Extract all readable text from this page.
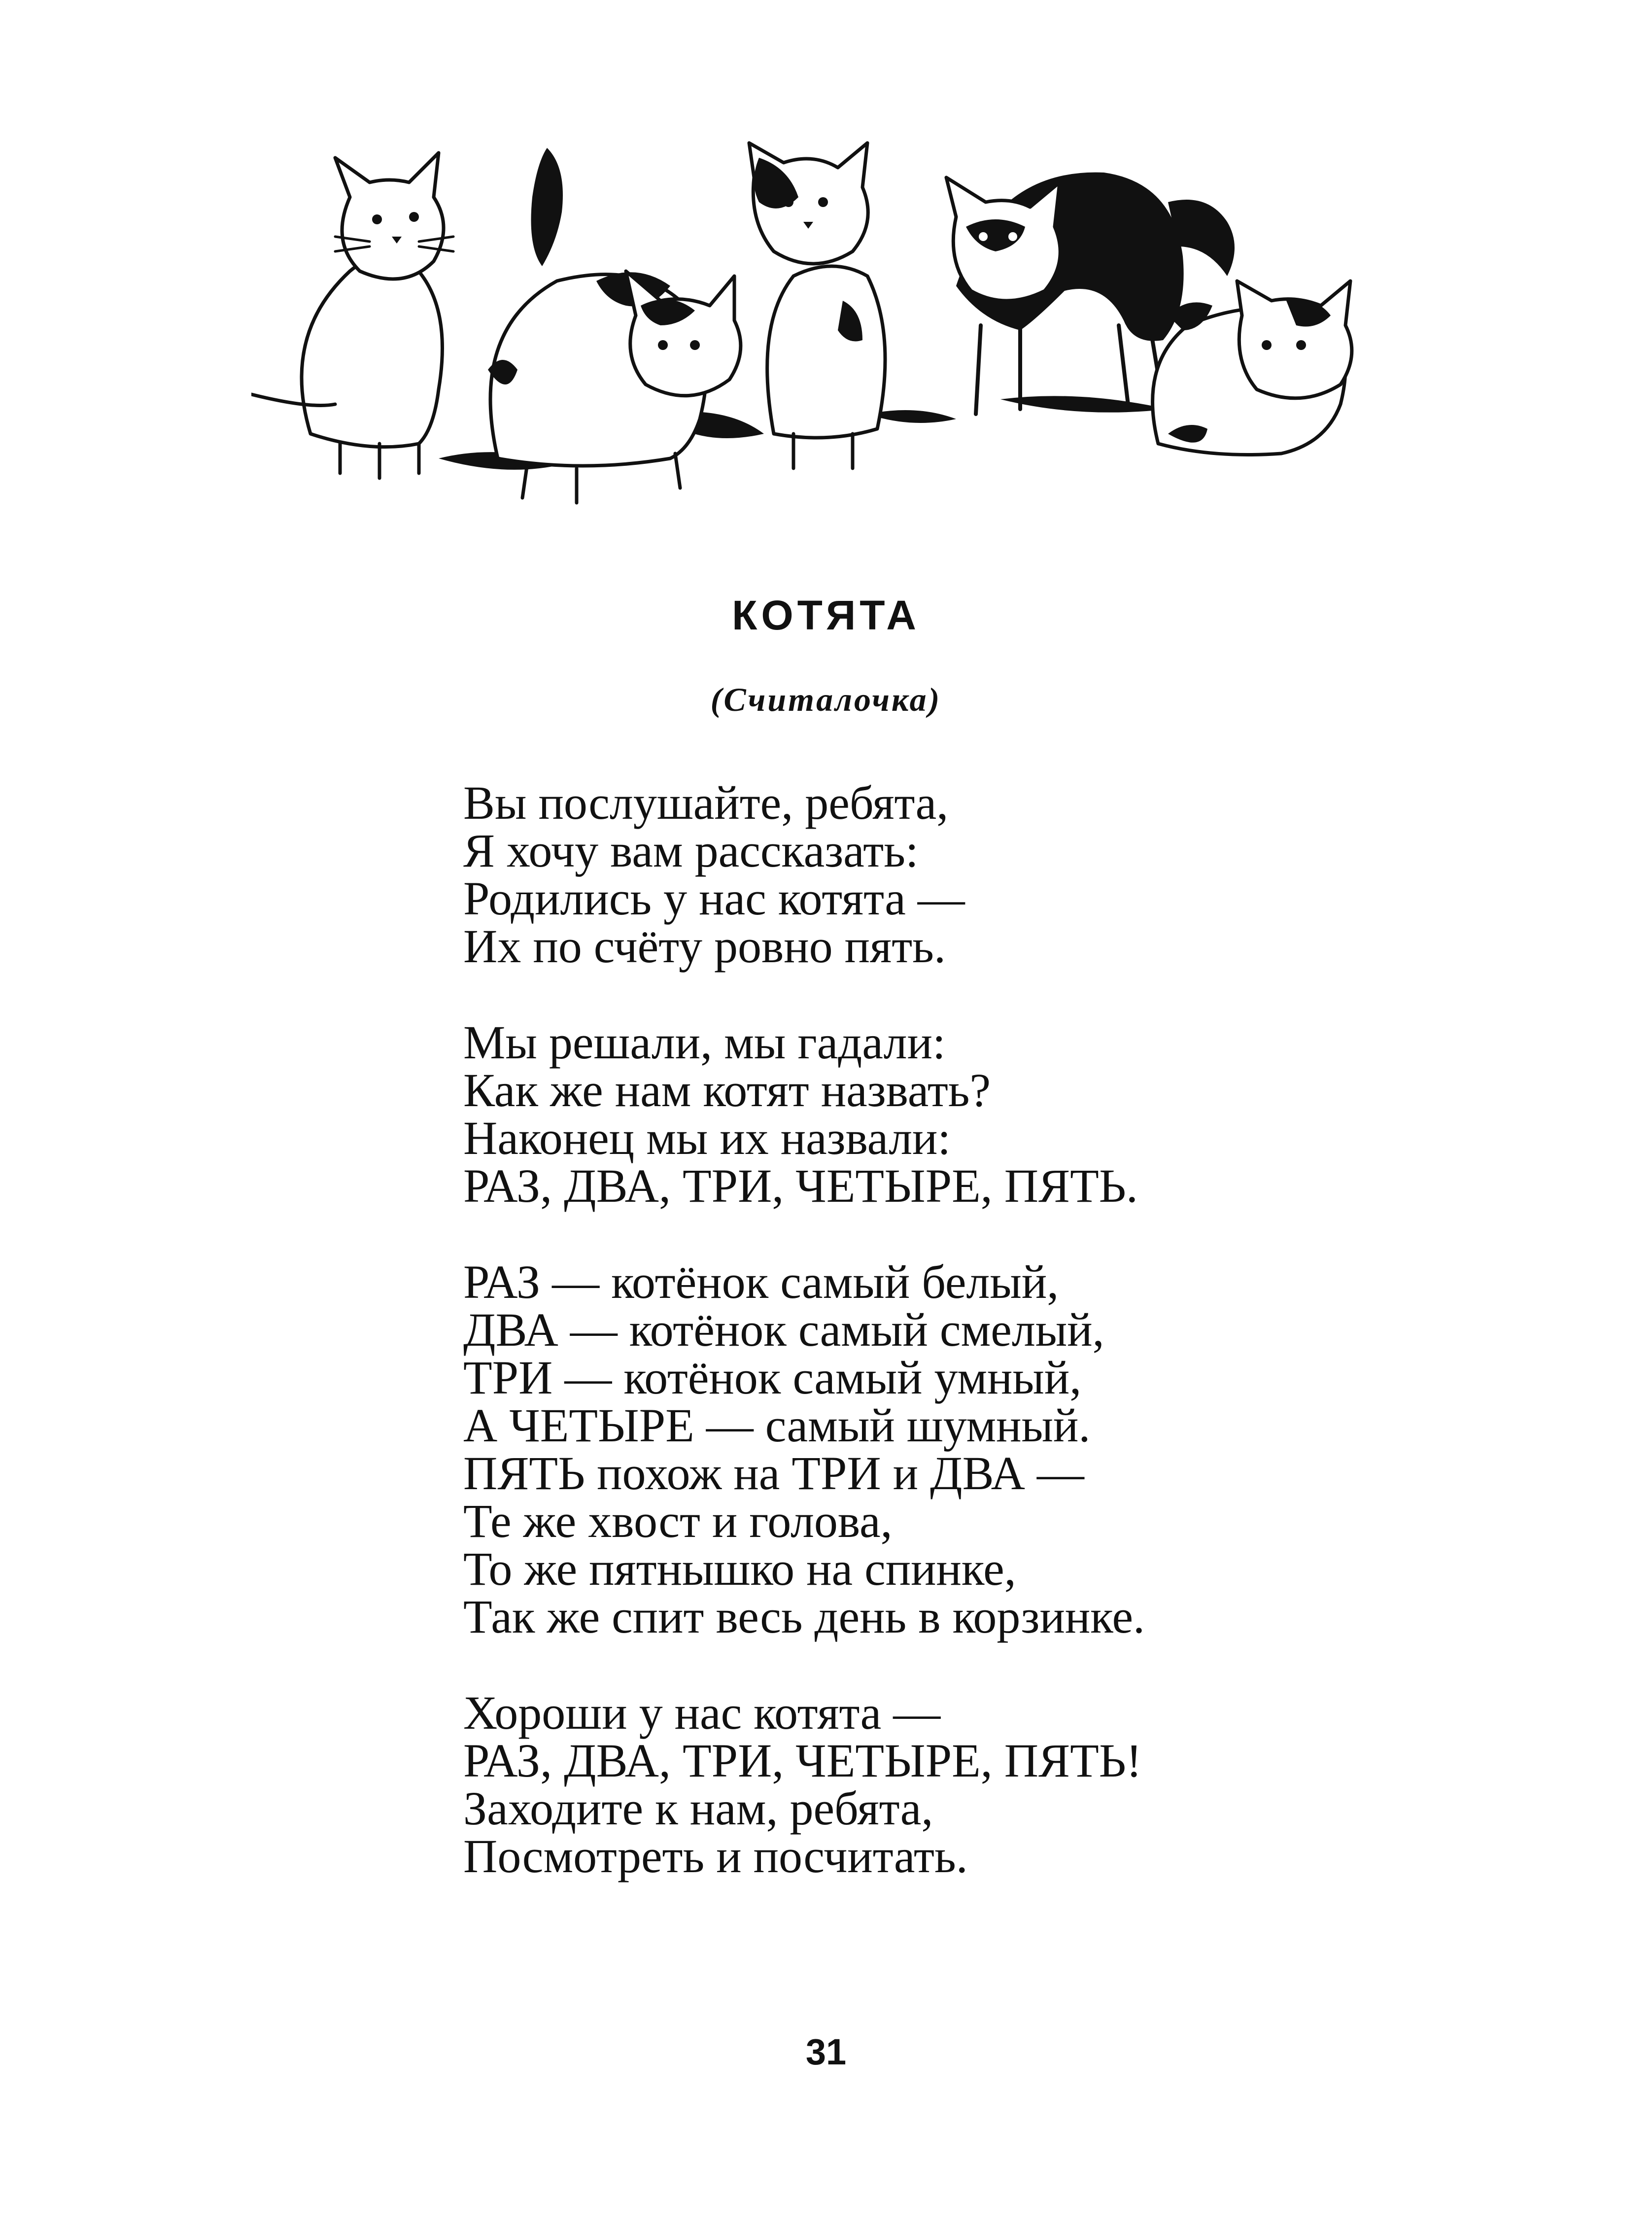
КОТЯТА
(Считалочка)
Вы послушайте, ребята,
Я хочу вам рассказать:
Родились у нас котята —
Их по счёту ровно пять.
Мы решали, мы гадали:
Как же нам котят назвать?
Наконец мы их назвали:
РАЗ, ДВА, ТРИ, ЧЕТЫРЕ, ПЯТЬ.
РАЗ — котёнок самый белый,
ДВА — котёнок самый смелый,
ТРИ — котёнок самый умный,
А ЧЕТЫРЕ — самый шумный.
ПЯТЬ похож на ТРИ и ДВА —
Те же хвост и голова,
То же пятнышко на спинке,
Так же спит весь день в корзинке.
Хороши у нас котята —
РАЗ, ДВА, ТРИ, ЧЕТЫРЕ, ПЯТЬ!
Заходите к нам, ребята,
Посмотреть и посчитать.
31
